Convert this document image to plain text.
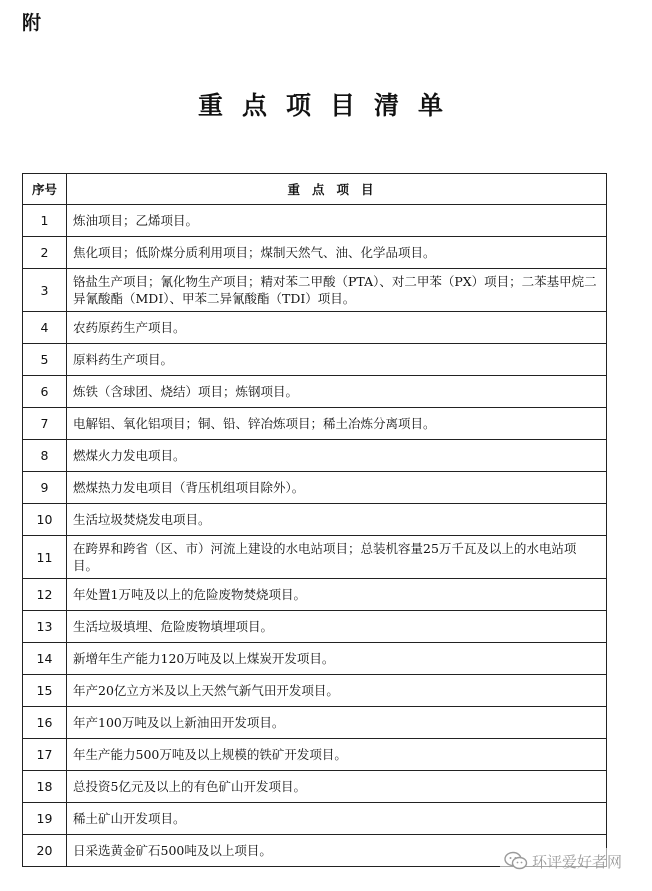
附
重点项目清单
序号	重点项目
1	炼油项目；乙烯项目。
2	焦化项目；低阶煤分质利用项目；煤制天然气、油、化学品项目。
3	铬盐生产项目；氰化物生产项目；精对苯二甲酸（PTA）、对二甲苯（PX）项目；二苯基甲烷二异氰酸酯（MDI）、甲苯二异氰酸酯（TDI）项目。
4	农药原药生产项目。
5	原料药生产项目。
6	炼铁（含球团、烧结）项目；炼钢项目。
7	电解铝、氧化铝项目；铜、铅、锌冶炼项目；稀土冶炼分离项目。
8	燃煤火力发电项目。
9	燃煤热力发电项目（背压机组项目除外）。
10	生活垃圾焚烧发电项目。
11	在跨界和跨省（区、市）河流上建设的水电站项目；总装机容量25万千瓦及以上的水电站项目。
12	年处置1万吨及以上的危险废物焚烧项目。
13	生活垃圾填埋、危险废物填埋项目。
14	新增年生产能力120万吨及以上煤炭开发项目。
15	年产20亿立方米及以上天然气新气田开发项目。
16	年产100万吨及以上新油田开发项目。
17	年生产能力500万吨及以上规模的铁矿开发项目。
18	总投资5亿元及以上的有色矿山开发项目。
19	稀土矿山开发项目。
20	日采选黄金矿石500吨及以上项目。
环评爱好者网
